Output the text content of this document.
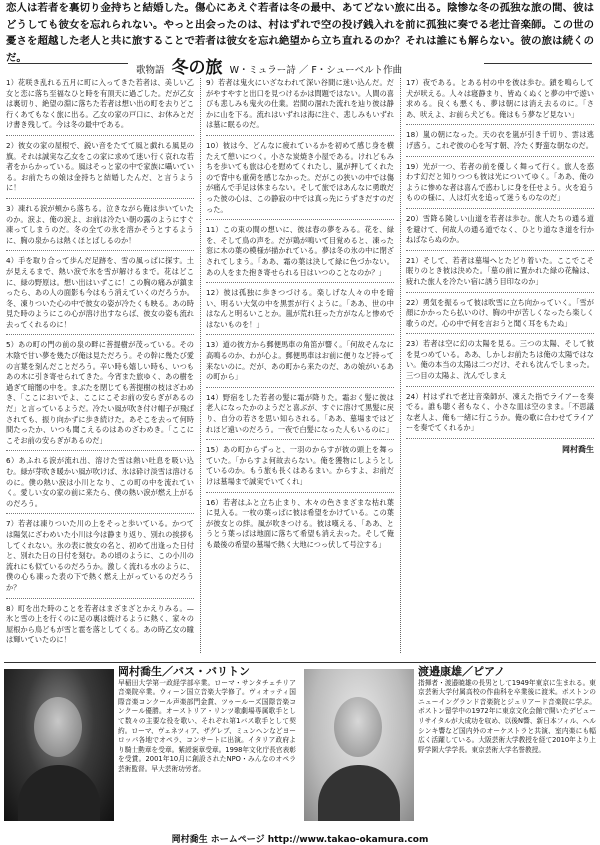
恋人は若者を裏切り金持ちと結婚した。傷心にあえぐ若者は冬の最中、あてどない旅に出る。陰惨な冬の孤独な旅の間、彼はどうしても彼女を忘れられない。やっと出会ったのは、村はずれで空の投げ銭入れを前に孤独に奏でる老辻音楽師。この世の憂さを超越した老人と共に旅することで若者は彼女を忘れ絶望から立ち直れるのか？それは誰にも解らない。彼の旅は続くのだ。
歌物語 冬の旅 W・ミュラー詩 ／ F・シューベルト作曲
1）花咲き乱れる五月に町に入ってきた若者は、美しい乙女と恋に落ち至福なひと時を有頂天に過ごした。だが乙女は裏切り、絶望の淵に落ちた若者は想い出の町を去りどこ行くあてもなく旅に出る。乙女の家の戸口に、お休みとだけ書き残して。今は冬の最中である。
2）彼女の家の屋根で、鋭い音をたてて風と戯れる風見の旗。それは誠実な乙女をこの家に求めて迷い行く哀れな若者をからかっている。風はそっと家の中で家族に囁いている。お前たちの娘は金持ちと結婚したんだ、と言うように！
3）凍れる涙が頬から落ちる。泣きながら俺は歩いていたのか。涙よ、俺の涙よ、お前は冷たい朝の露のようにすぐ凍ってしまうのだ。冬の全ての氷を溶かそうとするように、胸の泉からは熱くほとばしるのか！
4）手を取り合って歩んだ足跡を、雪の風っぱに探す。土が見えるまで、熱い涙で氷を雪が解けるまで。花はどこに、緑の野原は。想い出はいずこに！この胸の痛みが鎮まったら、あの人の面影も今はもう消えていくのだろうか。冬、凍りついた心の中で彼女の姿が冷たくも映る。あの時見た時のようにこの心が溶け出すならば、彼女の姿も流れ去ってくれるのに！
5）あの町の門の前の泉の畔に菩提樹が茂っている。その木陰で甘い夢を幾たび俺は見ただろう。その幹に幾たび愛の言葉を刻んだことだろう。辛い時も嬉しい時も、いつもあの木に引き寄せられてきた。今宵また旅ゆく、あの樹を過ぎて暗闇の中を。まぶたを閉じても菩提樹の枝はざわめき、「ここにおいでよ、ここにこそお前の安らぎがあるのだ」と言っているようだ。冷たい風が吹き付け帽子が飛ばされても、振り向かずに歩き続けた。あそこを去って何時間たったか、いつも聞こえるのはあのざわめき。「ここにこそお前の安らぎがあるのだ」
6）あふれる涙が流れ出、溶けた雪は熱い吐息を吸い込む。緑が芽吹き暖かい風が吹けば、氷は砕け淡雪は溶けるのに。僕の熱い涙は小川となり、この町の中を流れていく。愛しい女の家の前に来たら、僕の熱い涙が燃え上がるのだろう。
7）若者は凍りついた川の上をそっと歩いている。かつては陽気にざわめいた小川は今は静まり返り、別れの挨拶もしてくれない。氷の表に彼女の名と、初めて出逢った日付と、別れた日の日付を刻む。あの頃のように、この小川の流れにも似ているのだろうか。激しく流れる水のように、僕の心も凍った表の下で熱く燃え上がっているのだろうか？
8）町を出た時のことを若者はまざまざとかえりみる。—氷と雪の上を行くのに足の裏は焼けるように熱く、家々の屋根から鳥どもが雪と雹を落としてくる。あの時乙女の瞳は輝いていたのに！
9）若者は鬼火にいざなわれて深い谷間に迷い込んだ。だがやすやすと出口を見つけるかは問題ではない。人間の喜びも悲しみも鬼火の仕業。岩間の涸れた流れを辿り彼は静かに山を下る。流れはいずれは海に注ぐ、悲しみもいずれは墓に眠るのだ。
10）彼は今、どんなに疲れているかを初めて感じ身を横たえて憩いにつく。小さな炭焼き小屋である。けれどもみちを歩いても旅は心を慰めてくれたし、嵐が押してくれたので背中も重荷を感じなかった。だがこの狭いの中では傷が痛んで手足は休まらない。そして旅ではあんなに勇敢だった彼の心は、この静寂の中では真っ先にうずきだすのだった。
11）この束の間の想いに、彼は春の夢をみる。花を、緑を、そして鳥の声を。だが鶏が鳴いて目覚めると、凍った窓に木の葉の模様が描かれている。夢は冬の氷の中に閉ざされてしまう。「ああ、霜の葉は決して緑に色づかない。あの人をまた抱き寄せられる日はいつのことなのか？」
12）彼は孤独に歩きつづける。楽しげな人々の中を暗い、明るい大気の中を黒雲が行くように。「ああ、世の中はなんと明るいことか。嵐が荒れ狂った方がなんと惨めではないものを！」
13）道の彼方から郵便馬車の角笛が響く。「何故そんなに高鳴るのか、わが心よ。郵便馬車はお前に便りなど持って来ないのに。だが、あの町から来たのだ、あの娘がいるあの町から」
14）野宿をした若者の髪に霜が降りた。霜おく髪に彼は老人になったかのようだと喜ぶが、すぐに溶けて黒髪に戻り、自分の若さを思い知らされる。「ああ、墓場まではどれほど遠いのだろう。一夜で白髪になった人もいるのに」
15）あの町からずっと、一羽のからすが彼の頭上を舞っていた。「からすよ何故去らない。俺を獲物にしようとしているのか。もう旅も長くはあるまい。からすよ、お前だけは墓場まで誠実でいてくれ」
16）若者はふと立ち止まり、木々の色さまざまな枯れ葉に見入る。一枚の葉っぱに彼は希望をかけている。この葉が彼女との絆。風が吹きつける。彼は嘆える、「ああ、とうとう葉っぱは地面に落ちて希望も消え去った。そして俺も最後の希望の墓場で熱く大地につっ伏して号泣する」
17）夜である。とある村の中を彼は歩む。鎖を鳴らして犬が吠える。人々は寝静まり、皆ぬくぬくと夢の中で遊い求める。良くも悪くも、夢は朝には消え去るのに。「さあ、吠えよ、お前ら犬ども。俺はもう夢など見ない」
18）嵐の朝になった。天の衣を嵐が引き千切り、雲は逃げ惑う。これぞ彼の心を写す朝、冷たく野蛮な朝なのだ。
19）光が一つ、若者の前を優しく舞って行く。旅人を惑わす幻だと知りつつも彼は光についてゆく。「ああ、俺のように惨めな者は喜んで惑わしに身を任せよう。火を追うものの様に、人は灯火を追って迷うものなのだ」
20）雪降る険しい山道を若者は歩む。旅人たちの通る道を避けて、何故人の通る道でなく、ひとり道なき道を行かねばならぬのか。
21）そして、若者は墓場へとたどり着いた。ここでこそ眠りのとき彼は決めた。「墓の前に置かれた緑の花輪は、疲れた旅人を冷たい宿に誘う目印なのか」
22）勇気を振るって彼は吹雪に立ち向かっていく。「雪が顔にかかったら払いのけ、胸の中が苦しくなったら楽しく歌うのだ。心の中で何を言おうと聞く耳をもたぬ」
23）若者は空に幻の太陽を見る。三つの太陽、そして彼を見つめている。ああ、しかしお前たちは俺の太陽ではない。俺の本当の太陽は二つだけ、それも沈んでしまった。三つ目の太陽よ、沈んでしまえ
24）村はずれで老辻音楽師が、凍えた指でライアーを奏でる。誰も聴く者もなく、小さな皿は空のまま。「不思議な老人よ、俺も一緒に行こうか。俺の歌に合わせてライアーを奏でてくれるか」
岡村喬生
岡村喬生／バス・バリトン
早稲田大学第一政経学部卒業。ローマ・サンタチェチリア音楽院卒業。ウィーン国立音楽大学修了。ヴィオッティ国際音楽コンクール声楽部門金賞、ツゥールーズ国際音楽コンクール優勝。オーストリア・リンツ歌劇場専属歌手として数々の主要な役を歌い、それぞれ第1バス歌手として契約。ローマ、ヴェネツィア、ザグレブ、ミュンヘンなどヨーロッパ各地でオペラ、コンサートに出演。イタリア政府より騎士勲章を受章。紫綬褒章受章。1998年文化庁長官表彰を受賞。2001年10月に創設されたNPO・みんなのオペラ芸術監督。早大芸術功労者。
渡邉康雄／ピアノ
指揮者・渡邉暁雄の長男として1949年東京に生まれる。東京芸術大学付属高校の作曲科を卒業後に渡米。ボストンのニューイングランド音楽院とジュリアード音楽院に学ぶ。ボストン留学中の1972年に東京文化会館で開いたデビューリサイタルが大成功を収め、以後N響、新日本フィル、ヘルシンキ響など国内外のオーケストラと共演、室内楽にも幅広く活躍している。大阪芸術大学教授を経て2010年より上野学園大学学長。東京芸術大学名誉教授。
岡村喬生 ホームページ http://www.takao-okamura.com
